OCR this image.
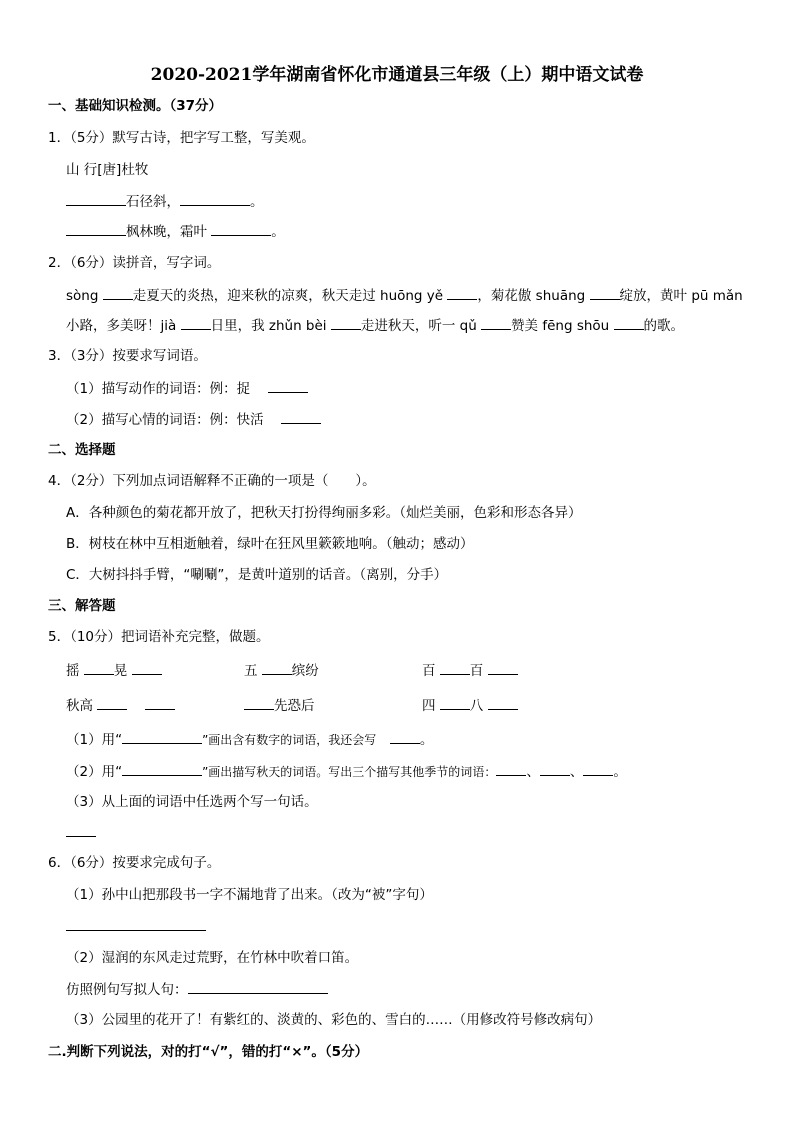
2020-2021学年湖南省怀化市通道县三年级（上）期中语文试卷
一、基础知识检测。（37分）
1．（5分）默写古诗，把字写工整，写美观。
山 行[唐]杜牧
石径斜，	。
枫林晚，霜叶	。
2．（6分）读拼音，写字词。
sòng	走夏天的炎热，迎来秋的凉爽，秋天走过 huōng yě	，菊花傲 shuāng	绽放，黄叶 pū mǎn
小路，多美呀！jià	日里，我 zhǔn bèi	走进秋天，听一 qǔ	赞美 fēng shōu	的歌。
3．（3分）按要求写词语。
（1）描写动作的词语：例：捉　
（2）描写心情的词语：例：快活　
二、选择题
4．（2分）下列加点词语解释不正确的一项是（　　）。
A．各种颜色的菊花都开放了，把秋天打扮得绚丽多彩。（灿烂美丽，色彩和形态各异）
B．树枝在林中互相逝触着，绿叶在狂风里簌簌地响。（触动；感动）
C．大树抖抖手臂，“唰唰”，是黄叶道别的话音。（离别，分手）
三、解答题
5．（10分）把词语补充完整，做题。
摇	晃	五	缤纷	百	百
秋高 　	先恐后	四	八
（1）用“	”画出含有数字的词语，我还会写　	。
（2）用“	”画出描写秋天的词语。写出三个描写其他季节的词语： 、 、 。
（3）从上面的词语中任选两个写一句话。
6．（6分）按要求完成句子。
（1）孙中山把那段书一字不漏地背了出来。（改为“被”字句）
（2）湿润的东风走过荒野，在竹林中吹着口笛。
仿照例句写拟人句：
（3）公园里的花开了！有紫红的、淡黄的、彩色的、雪白的……（用修改符号修改病句）
二.判断下列说法，对的打“√”，错的打“×”。（5分）
